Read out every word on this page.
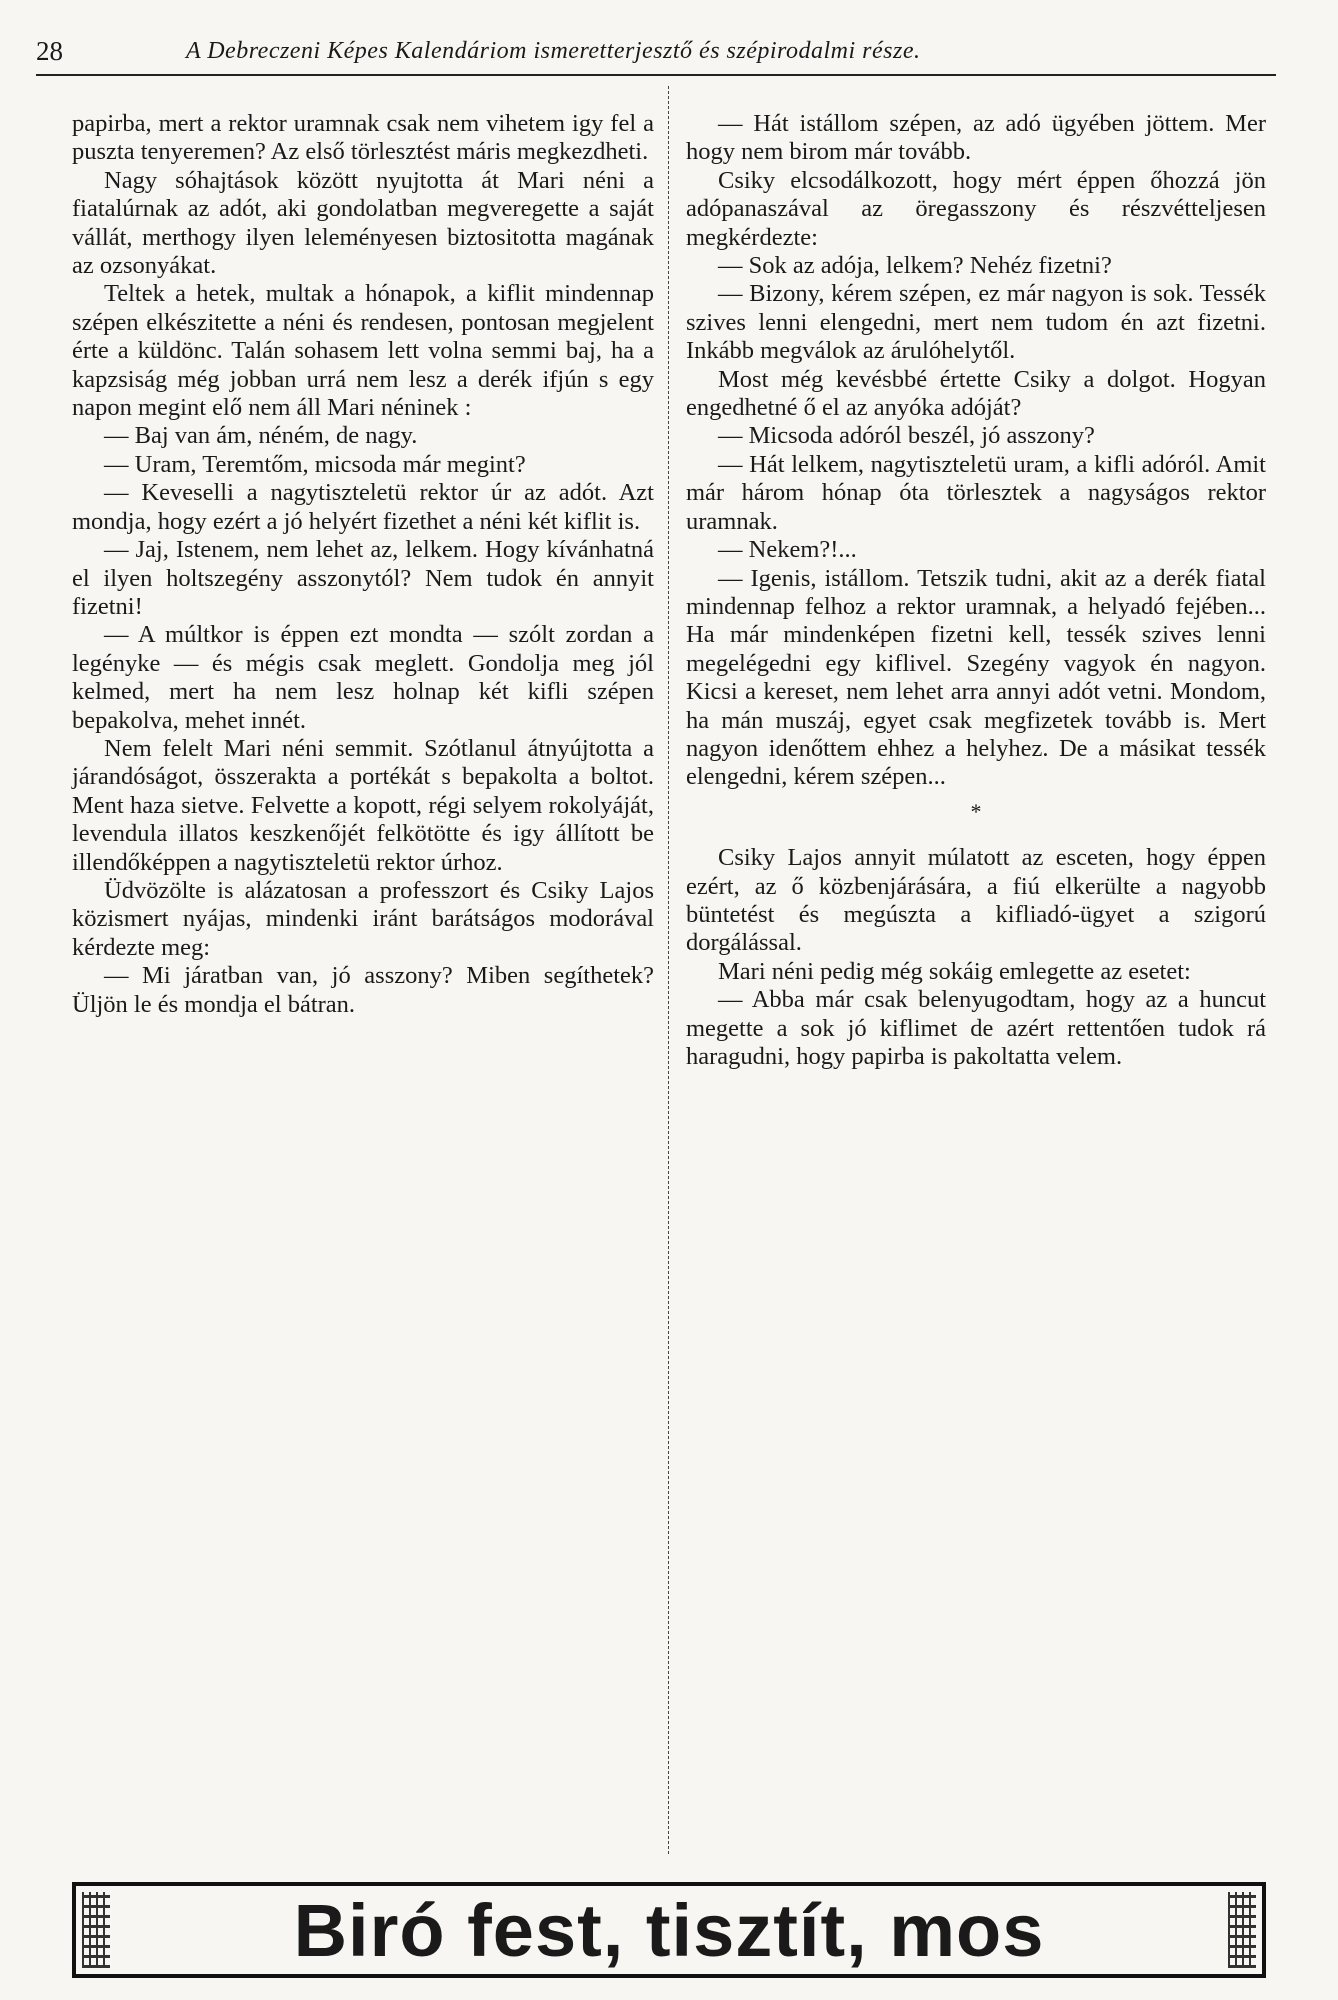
28	A Debreczeni Képes Kalendáriom ismeretterjesztő és szépirodalmi része.

papirba, mert a rektor uramnak csak nem vihetem igy fel a puszta tenyeremen? Az első törlesztést máris megkezdheti.

Nagy sóhajtások között nyujtotta át Mari néni a fiatalúrnak az adót, aki gondolatban megveregette a saját vállát, merthogy ilyen leleményesen biztositotta magának az ozsonyákat.

Teltek a hetek, multak a hónapok, a kiflit mindennap szépen elkészitette a néni és rendesen, pontosan megjelent érte a küldönc. Talán sohasem lett volna semmi baj, ha a kapzsiság még jobban urrá nem lesz a derék ifjún s egy napon megint elő nem áll Mari néninek :

— Baj van ám, néném, de nagy.

— Uram, Teremtőm, micsoda már megint?

— Keveselli a nagytiszteletü rektor úr az adót. Azt mondja, hogy ezért a jó helyért fizethet a néni két kiflit is.

— Jaj, Istenem, nem lehet az, lelkem. Hogy kívánhatná el ilyen holtszegény asszonytól? Nem tudok én annyit fizetni!

— A múltkor is éppen ezt mondta — szólt zordan a legényke — és mégis csak meglett. Gondolja meg jól kelmed, mert ha nem lesz holnap két kifli szépen bepakolva, mehet innét.

Nem felelt Mari néni semmit. Szótlanul átnyújtotta a járandóságot, összerakta a portékát s bepakolta a boltot. Ment haza sietve. Felvette a kopott, régi selyem rokolyáját, levendula illatos keszkenőjét felkötötte és igy állított be illendőképpen a nagytiszteletü rektor úrhoz.

Üdvözölte is alázatosan a professzort és Csiky Lajos közismert nyájas, mindenki iránt barátságos modorával kérdezte meg:

— Mi járatban van, jó asszony? Miben segíthetek? Üljön le és mondja el bátran.

— Hát istállom szépen, az adó ügyében jöttem. Mer hogy nem birom már tovább.

Csiky elcsodálkozott, hogy mért éppen őhozzá jön adópanaszával az öregasszony és részvétteljesen megkérdezte:

— Sok az adója, lelkem? Nehéz fizetni?

— Bizony, kérem szépen, ez már nagyon is sok. Tessék szives lenni elengedni, mert nem tudom én azt fizetni. Inkább megválok az árulóhelytől.

Most még kevésbbé értette Csiky a dolgot. Hogyan engedhetné ő el az anyóka adóját?

— Micsoda adóról beszél, jó asszony?

— Hát lelkem, nagytiszteletü uram, a kifli adóról. Amit már három hónap óta törlesztek a nagyságos rektor uramnak.

— Nekem?!...

— Igenis, istállom. Tetszik tudni, akit az a derék fiatal mindennap felhoz a rektor uramnak, a helyadó fejében... Ha már mindenképen fizetni kell, tessék szives lenni megelégedni egy kiflivel. Szegény vagyok én nagyon. Kicsi a kereset, nem lehet arra annyi adót vetni. Mondom, ha mán muszáj, egyet csak megfizetek tovább is. Mert nagyon idenőttem ehhez a helyhez. De a másikat tessék elengedni, kérem szépen...

*

Csiky Lajos annyit múlatott az esceten, hogy éppen ezért, az ő közbenjárására, a fiú elkerülte a nagyobb büntetést és megúszta a kifliadó-ügyet a szigorú dorgálással.

Mari néni pedig még sokáig emlegette az esetet:

— Abba már csak belenyugodtam, hogy az a huncut megette a sok jó kiflimet de azért rettentően tudok rá haragudni, hogy papirba is pakoltatta velem.

Biró fest, tisztít, mos
